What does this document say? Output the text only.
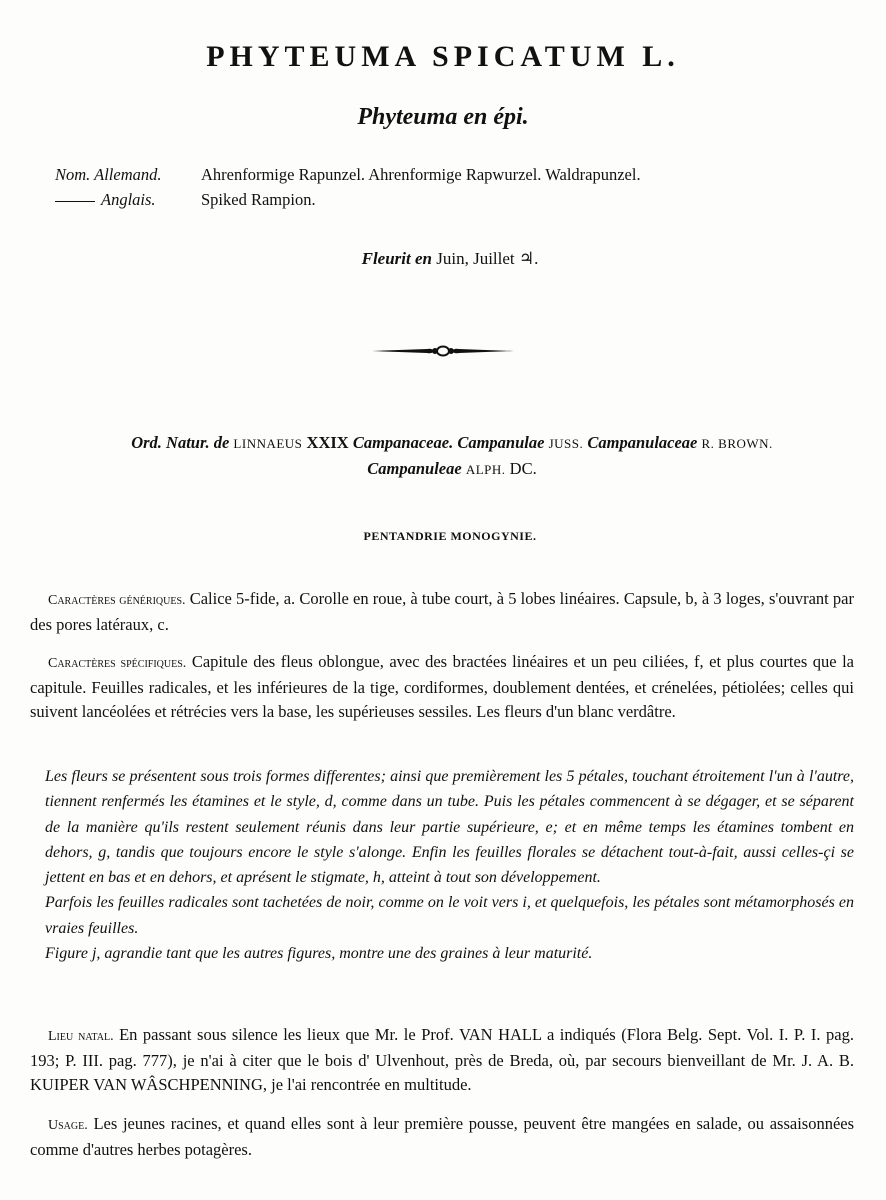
PHYTEUMA SPICATUM L.
Phyteuma en épi.
Nom. Allemand.	Ahrenformige Rapunzel. Ahrenformige Rapwurzel. Waldrapunzel.
Anglais.	Spiked Rampion.
Fleurit en Juin, Juillet ♃.
Ord. Natur. de LINNAEUS XXIX Campanaceae. Campanulae JUSS. Campanulaceae R. BROWN.
Campanuleae ALPH. DC.
PENTANDRIE MONOGYNIE.
Caractères génériques. Calice 5-fide, a. Corolle en roue, à tube court, à 5 lobes linéaires. Capsule, b, à 3 loges, s'ouvrant par des pores latéraux, c.
Caractères spécifiques. Capitule des fleus oblongue, avec des bractées linéaires et un peu ciliées, f, et plus courtes que la capitule. Feuilles radicales, et les inférieures de la tige, cordiformes, doublement dentées, et crénelées, pétiolées; celles qui suivent lancéolées et rétrécies vers la base, les supérieuses sessiles. Les fleurs d'un blanc verdâtre.

Les fleurs se présentent sous trois formes differentes; ainsi que premièrement les 5 pétales, touchant étroitement l'un à l'autre, tiennent renfermés les étamines et le style, d, comme dans un tube. Puis les pétales commencent à se dégager, et se séparent de la manière qu'ils restent seulement réunis dans leur partie supérieure, e; et en même temps les étamines tombent en dehors, g, tandis que toujours encore le style s'alonge. Enfin les feuilles florales se détachent tout-à-fait, aussi celles-çi se jettent en bas et en dehors, et aprésent le stigmate, h, atteint à tout son développement.

Parfois les feuilles radicales sont tachetées de noir, comme on le voit vers i, et quelquefois, les pétales sont métamorphosés en vraies feuilles.

Figure j, agrandie tant que les autres figures, montre une des graines à leur maturité.

Lieu natal. En passant sous silence les lieux que Mr. le Prof. VAN HALL a indiqués (Flora Belg. Sept. Vol. I. P. I. pag. 193; P. III. pag. 777), je n'ai à citer que le bois d' Ulvenhout, près de Breda, où, par secours bienveillant de Mr. J. A. B. KUIPER VAN WÂSCHPENNING, je l'ai rencontrée en multitude.
Usage. Les jeunes racines, et quand elles sont à leur première pousse, peuvent être mangées en salade, ou assaisonnées comme d'autres herbes potagères.
